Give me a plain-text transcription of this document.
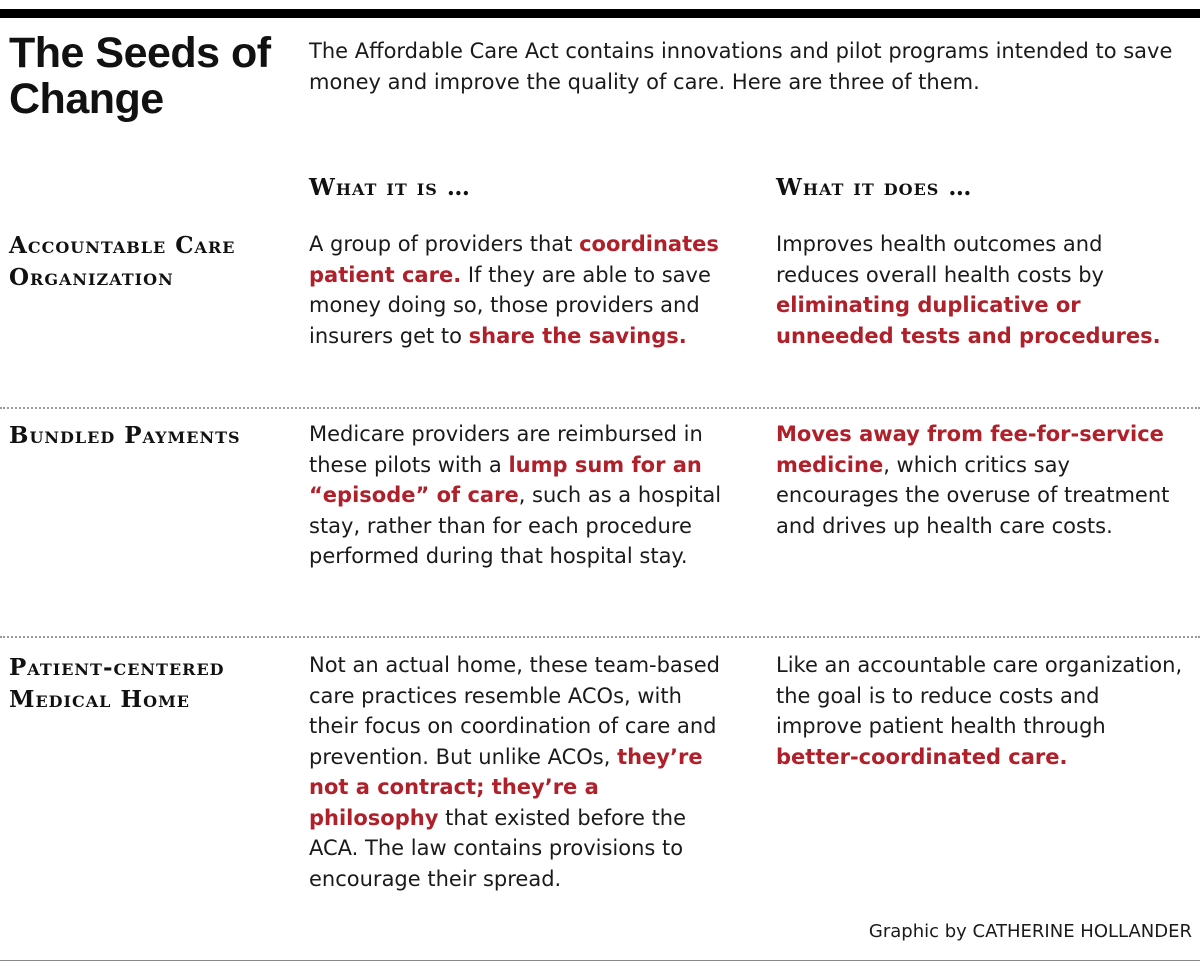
The Seeds of Change
The Affordable Care Act contains innovations and pilot programs intended to save money and improve the quality of care. Here are three of them.
What it is …	What it does …
Accountable Care Organization
A group of providers that coordinates patient care. If they are able to save money doing so, those providers and insurers get to share the savings.
Improves health outcomes and reduces overall health costs by eliminating duplicative or unneeded tests and procedures.
Bundled Payments	Medicare providers are reimbursed in these pilots with a lump sum for an “episode” of care, such as a hospital stay, rather than for each procedure performed during that hospital stay.
Moves away from fee-for-service medicine, which critics say encourages the overuse of treatment and drives up health care costs.
Patient-centered Medical Home
Not an actual home, these team-based care practices resemble ACOs, with their focus on coordination of care and prevention. But unlike ACOs, they’re not a contract; they’re a philosophy that existed before the ACA. The law contains provisions to encourage their spread.
Like an accountable care organization, the goal is to reduce costs and improve patient health through better-coordinated care.
Graphic by CATHERINE HOLLANDER
